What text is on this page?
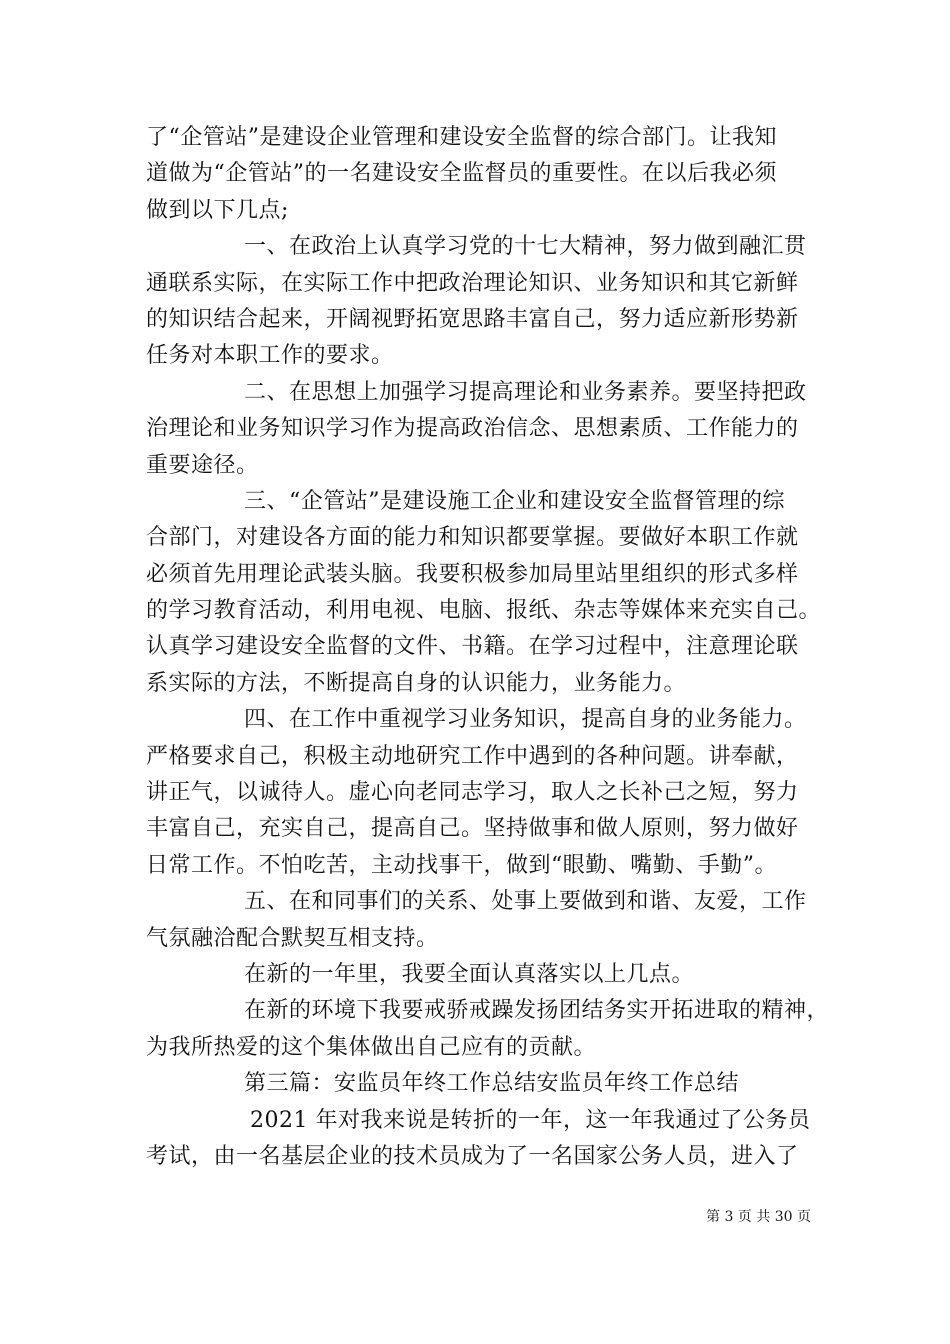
了“企管站”是建设企业管理和建设安全监督的综合部门。让我知
道做为“企管站”的一名建设安全监督员的重要性。在以后我必须
做到以下几点;
一、在政治上认真学习党的十七大精神，努力做到融汇贯
通联系实际，在实际工作中把政治理论知识、业务知识和其它新鲜
的知识结合起来，开阔视野拓宽思路丰富自己，努力适应新形势新
任务对本职工作的要求。
二、在思想上加强学习提高理论和业务素养。要坚持把政
治理论和业务知识学习作为提高政治信念、思想素质、工作能力的
重要途径。
三、“企管站”是建设施工企业和建设安全监督管理的综
合部门，对建设各方面的能力和知识都要掌握。要做好本职工作就
必须首先用理论武装头脑。我要积极参加局里站里组织的形式多样
的学习教育活动，利用电视、电脑、报纸、杂志等媒体来充实自己。
认真学习建设安全监督的文件、书籍。在学习过程中，注意理论联
系实际的方法，不断提高自身的认识能力，业务能力。
四、在工作中重视学习业务知识，提高自身的业务能力。
严格要求自己，积极主动地研究工作中遇到的各种问题。讲奉献，
讲正气，以诚待人。虚心向老同志学习，取人之长补己之短，努力
丰富自己，充实自己，提高自己。坚持做事和做人原则，努力做好
日常工作。不怕吃苦，主动找事干，做到“眼勤、嘴勤、手勤”。
五、在和同事们的关系、处事上要做到和谐、友爱，工作
气氛融洽配合默契互相支持。
在新的一年里，我要全面认真落实以上几点。
在新的环境下我要戒骄戒躁发扬团结务实开拓进取的精神，
为我所热爱的这个集体做出自己应有的贡献。
第三篇：安监员年终工作总结安监员年终工作总结
2021 年对我来说是转折的一年，这一年我通过了公务员
考试，由一名基层企业的技术员成为了一名国家公务人员，进入了
第 3 页 共 30 页
